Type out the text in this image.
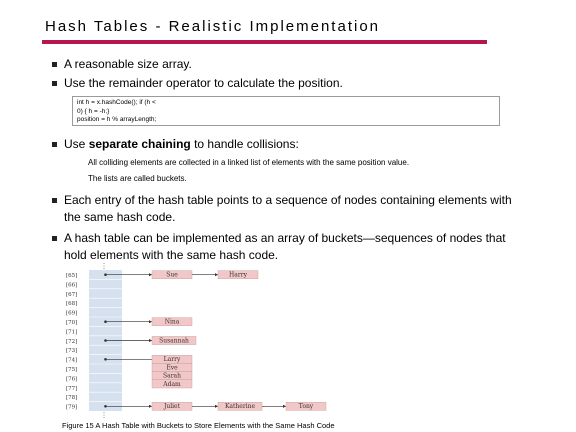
Hash Tables - Realistic Implementation
A reasonable size array.
Use the remainder operator to calculate the position.
int h = x.hashCode(); if (h <
0) { h = -h;}
position = h % arrayLength;
Use separate chaining to handle collisions:
All colliding elements are collected in a linked list of elements with the same position value.
The lists are called buckets.
Each entry of the hash table points to a sequence of nodes containing elements with the same hash code.
A hash table can be implemented as an array of buckets—sequences of nodes that hold elements with the same hash code.
[65]
[66]
[67]
[68]
[69]
[70]
[71]
[72]
[73]
[74]
[75]
[76]
[77]
[78]
[79]
Sue	Harry
Nina
Susannah
Larry
Eve
Sarah
Adam
Juliet	Katherine	Tony
Figure 15 A Hash Table with Buckets to Store Elements with the Same Hash Code
